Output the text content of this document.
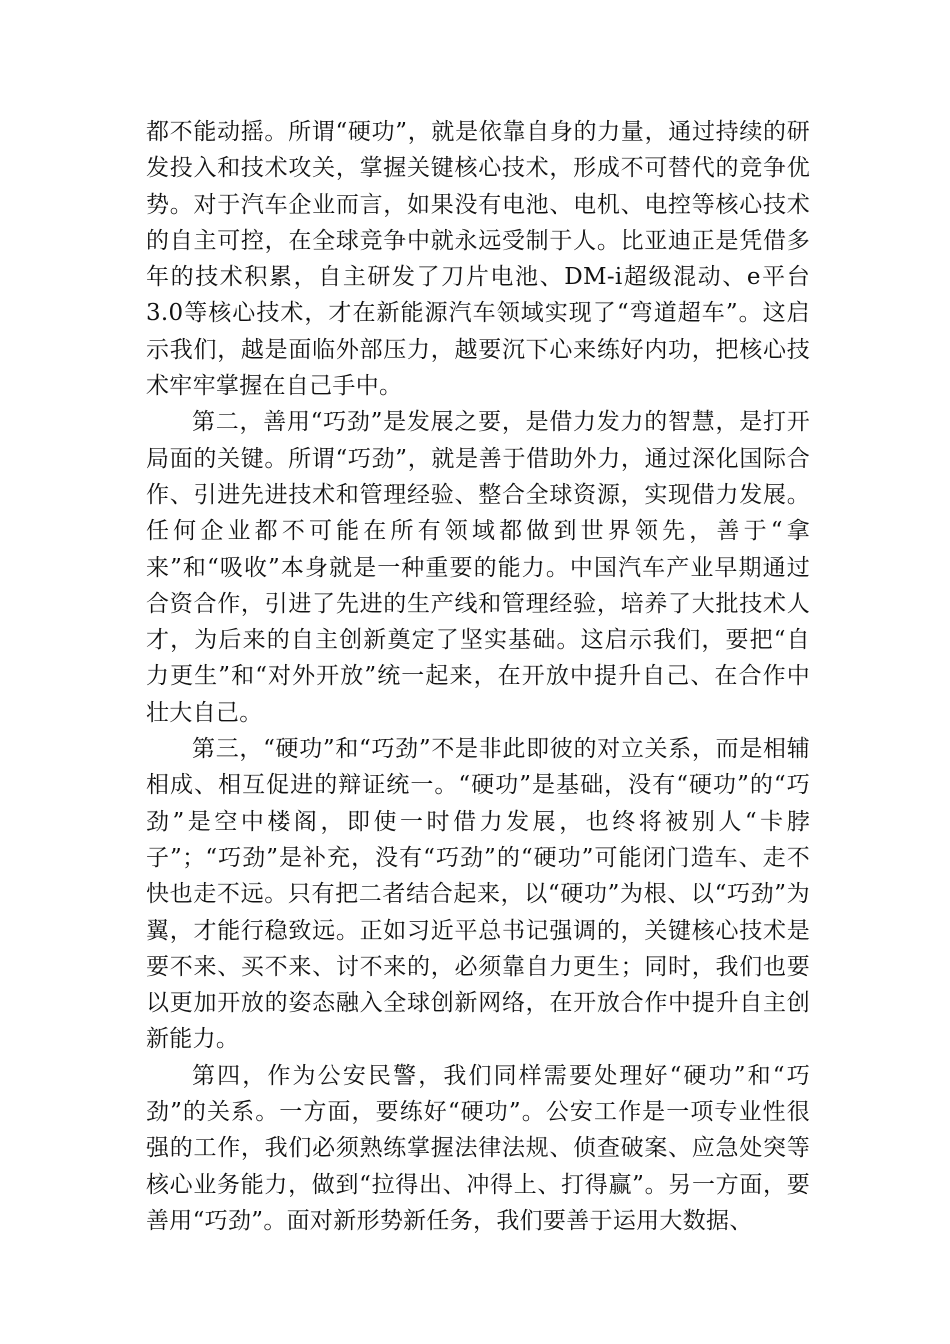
都不能动摇。所谓“硬功”，就是依靠自身的力量，通过持续的研发投入和技术攻关，掌握关键核心技术，形成不可替代的竞争优势。对于汽车企业而言，如果没有电池、电机、电控等核心技术的自主可控，在全球竞争中就永远受制于人。比亚迪正是凭借多年的技术积累，自主研发了刀片电池、DM-i超级混动、e平台3.0等核心技术，才在新能源汽车领域实现了“弯道超车”。这启示我们，越是面临外部压力，越要沉下心来练好内功，把核心技术牢牢掌握在自己手中。

第二，善用“巧劲”是发展之要，是借力发力的智慧，是打开局面的关键。所谓“巧劲”，就是善于借助外力，通过深化国际合作、引进先进技术和管理经验、整合全球资源，实现借力发展。任何企业都不可能在所有领域都做到世界领先，善于“拿来”和“吸收”本身就是一种重要的能力。中国汽车产业早期通过合资合作，引进了先进的生产线和管理经验，培养了大批技术人才，为后来的自主创新奠定了坚实基础。这启示我们，要把“自力更生”和“对外开放”统一起来，在开放中提升自己、在合作中壮大自己。

第三，“硬功”和“巧劲”不是非此即彼的对立关系，而是相辅相成、相互促进的辩证统一。“硬功”是基础，没有“硬功”的“巧劲”是空中楼阁，即使一时借力发展，也终将被别人“卡脖子”；“巧劲”是补充，没有“巧劲”的“硬功”可能闭门造车、走不快也走不远。只有把二者结合起来，以“硬功”为根、以“巧劲”为翼，才能行稳致远。正如习近平总书记强调的，关键核心技术是要不来、买不来、讨不来的，必须靠自力更生；同时，我们也要以更加开放的姿态融入全球创新网络，在开放合作中提升自主创新能力。

第四，作为公安民警，我们同样需要处理好“硬功”和“巧劲”的关系。一方面，要练好“硬功”。公安工作是一项专业性很强的工作，我们必须熟练掌握法律法规、侦查破案、应急处突等核心业务能力，做到“拉得出、冲得上、打得赢”。另一方面，要善用“巧劲”。面对新形势新任务，我们要善于运用大数据、
